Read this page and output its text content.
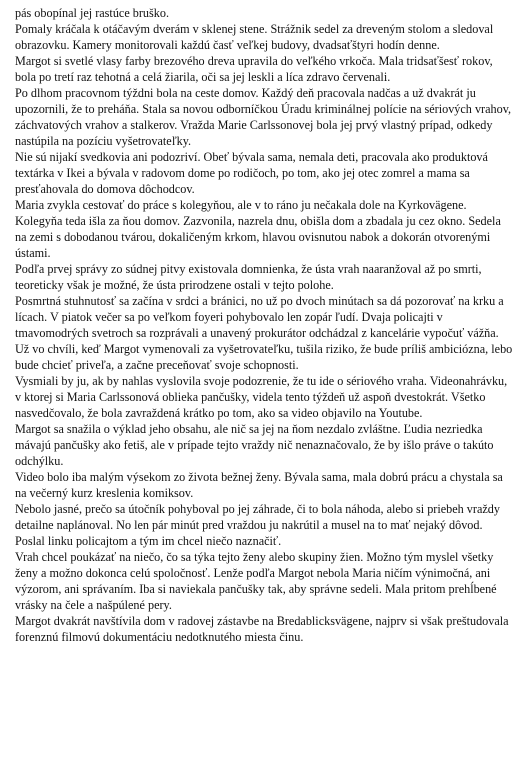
pás obopínal jej rastúce bruško.

Pomaly kráčala k otáčavým dverám v sklenej stene. Strážnik sedel za dreveným stolom a sledoval obrazovku. Kamery monitorovali každú časť veľkej budovy, dvadsaťštyri hodín denne.

Margot si svetlé vlasy farby brezového dreva upravila do veľkého vrkoča. Mala tridsaťšesť rokov, bola po tretí raz tehotná a celá žiarila, oči sa jej leskli a líca zdravo červenali.

Po dlhom pracovnom týždni bola na ceste domov. Každý deň pracovala nadčas a už dvakrát ju upozornili, že to preháňa. Stala sa novou odborníčkou Úradu kriminálnej polície na sériových vrahov, záchvatových vrahov a stalkerov. Vražda Marie Carlssonovej bola jej prvý vlastný prípad, odkedy nastúpila na pozíciu vyšetrovateľky.

Nie sú nijakí svedkovia ani podozriví. Obeť bývala sama, nemala deti, pracovala ako produktová textárka v Ikei a bývala v radovom dome po rodičoch, po tom, ako jej otec zomrel a mama sa presťahovala do domova dôchodcov.

Maria zvykla cestovať do práce s kolegyňou, ale v to ráno ju nečakala dole na Kyrkovägene. Kolegyňa teda išla za ňou domov. Zazvonila, nazrela dnu, obišla dom a zbadala ju cez okno. Sedela na zemi s dobodanou tvárou, dokaličeným krkom, hlavou ovisnutou nabok a dokorán otvorenými ústami.

Podľa prvej správy zo súdnej pitvy existovala domnienka, že ústa vrah naaranžoval až po smrti, teoreticky však je možné, že ústa prirodzene ostali v tejto polohe.

Posmrtná stuhnutosť sa začína v srdci a bránici, no už po dvoch minútach sa dá pozorovať na krku a lícach. V piatok večer sa po veľkom foyeri pohybovalo len zopár ľudí. Dvaja policajti v tmavomodrých svetroch sa rozprávali a unavený prokurátor odchádzal z kancelárie vypočuť vážňa.

Už vo chvíli, keď Margot vymenovali za vyšetrovateľku, tušila riziko, že bude príliš ambiciózna, lebo bude chcieť priveľa, a začne preceňovať svoje schopnosti.

Vysmiali by ju, ak by nahlas vyslovila svoje podozrenie, že tu ide o sériového vraha. Videonahrávku, v ktorej si Maria Carlssonová oblieka pančušky, videla tento týždeň už aspoň dvestokrát. Všetko nasvedčovalo, že bola zavraždená krátko po tom, ako sa video objavilo na Youtube.

Margot sa snažila o výklad jeho obsahu, ale nič sa jej na ňom nezdalo zvláštne. Ľudia nezriedka mávajú pančušky ako fetiš, ale v prípade tejto vraždy nič nenaznačovalo, že by išlo práve o takúto odchýlku.

Video bolo iba malým výsekom zo života bežnej ženy. Bývala sama, mala dobrú prácu a chystala sa na večerný kurz kreslenia komiksov.

Nebolo jasné, prečo sa útočník pohyboval po jej záhrade, či to bola náhoda, alebo si priebeh vraždy detailne naplánoval. No len pár minút pred vraždou ju nakrútil a musel na to mať nejaký dôvod.

Poslal linku policajtom a tým im chcel niečo naznačiť.

Vrah chcel poukázať na niečo, čo sa týka tejto ženy alebo skupiny žien. Možno tým myslel všetky ženy a možno dokonca celú spoločnosť. Lenže podľa Margot nebola Maria ničím výnimočná, ani výzorom, ani správaním. Iba si naviekala pančušky tak, aby správne sedeli. Mala pritom prehĺbené vrásky na čele a našpúlené pery.

Margot dvakrát navštívila dom v radovej zástavbe na Bredablicksvägene, najprv si však preštudovala forenznú filmovú dokumentáciu nedotknutého miesta činu.
